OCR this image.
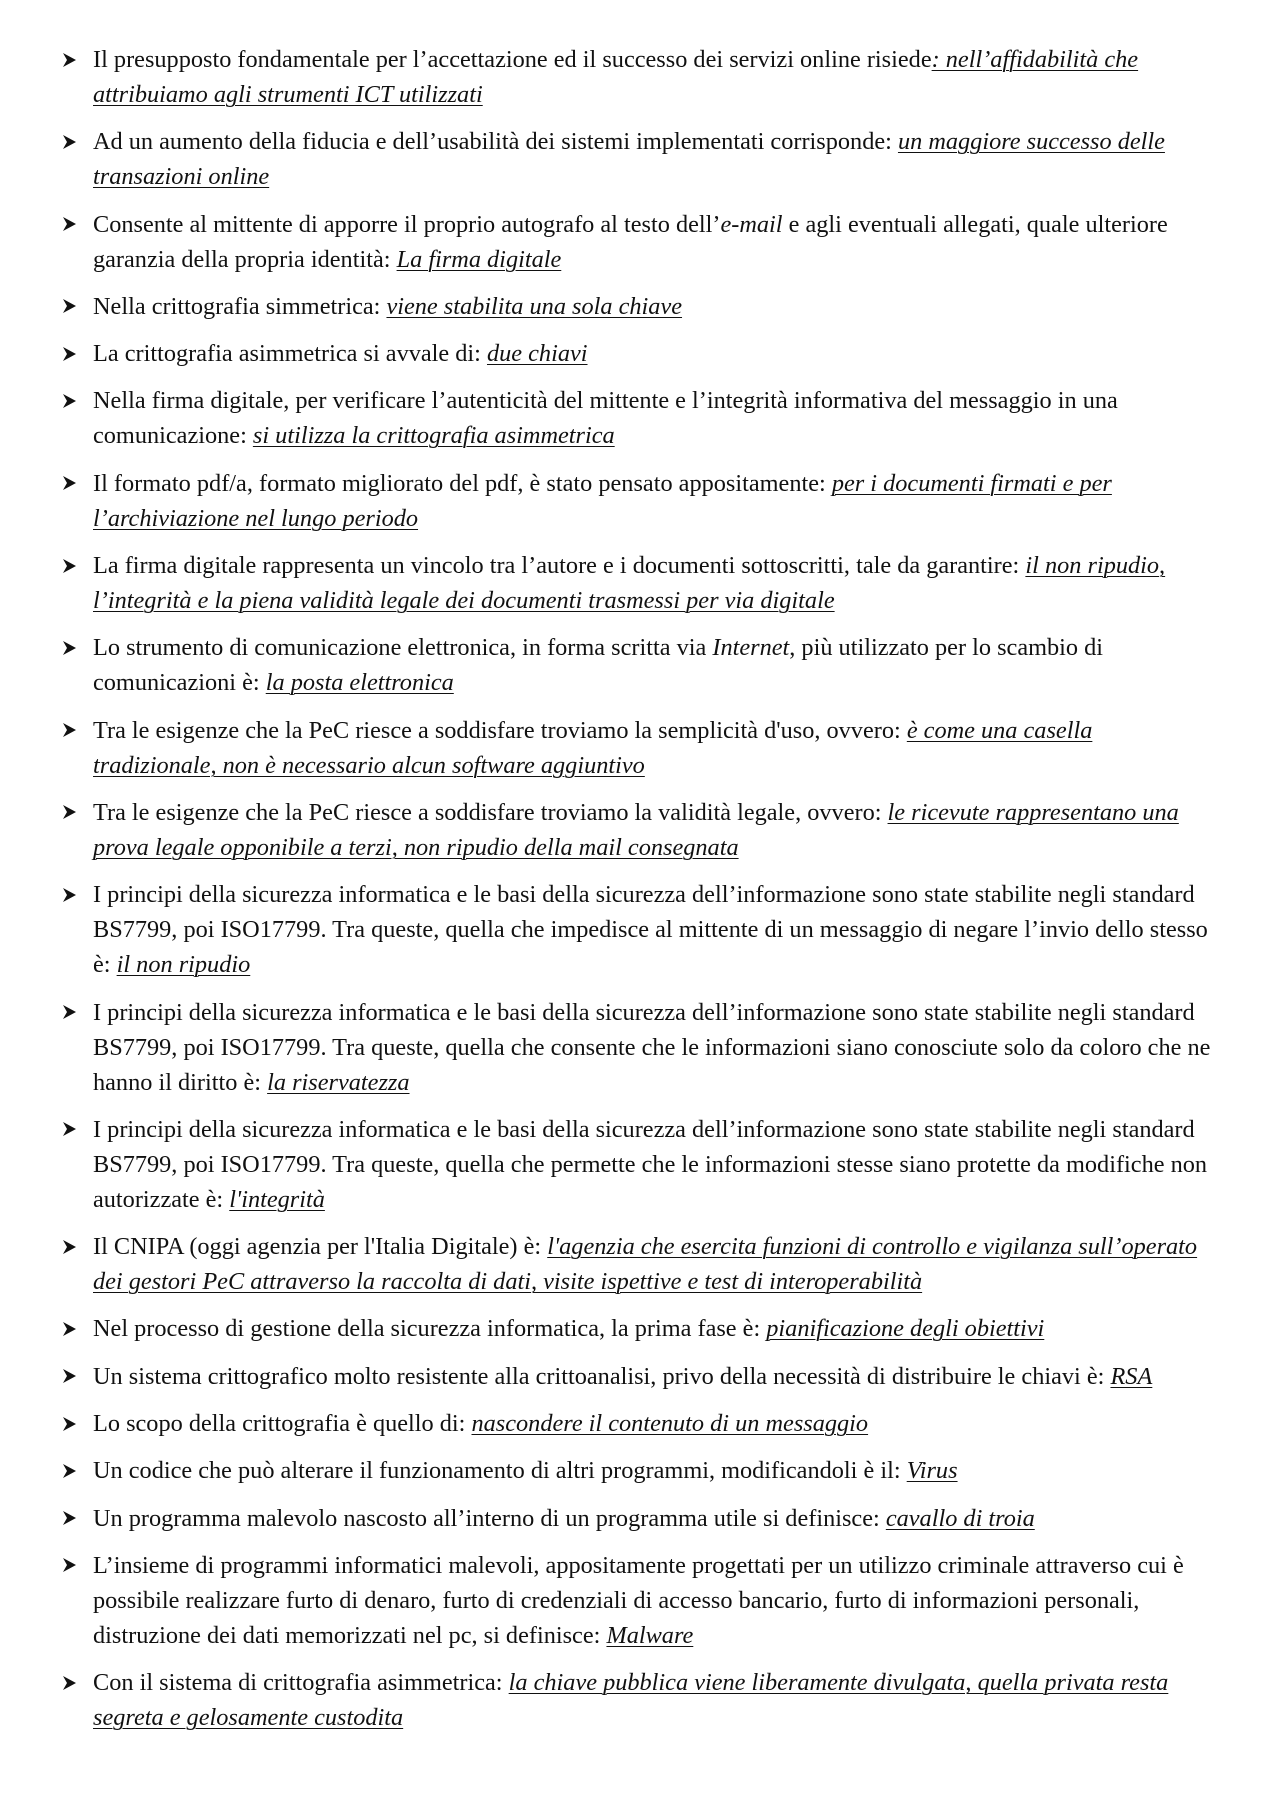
Il presupposto fondamentale per l’accettazione ed il successo dei servizi online risiede: nell’affidabilità che attribuiamo agli strumenti ICT utilizzati
Ad un aumento della fiducia e dell’usabilità dei sistemi implementati corrisponde: un maggiore successo delle transazioni online
Consente al mittente di apporre il proprio autografo al testo dell’e-mail e agli eventuali allegati, quale ulteriore garanzia della propria identità: La firma digitale
Nella crittografia simmetrica: viene stabilita una sola chiave
La crittografia asimmetrica si avvale di: due chiavi
Nella firma digitale, per verificare l’autenticità del mittente e l’integrità informativa del messaggio in una comunicazione: si utilizza la crittografia asimmetrica
Il formato pdf/a, formato migliorato del pdf, è stato pensato appositamente: per i documenti firmati e per l’archiviazione nel lungo periodo
La firma digitale rappresenta un vincolo tra l’autore e i documenti sottoscritti, tale da garantire: il non ripudio, l’integrità e la piena validità legale dei documenti trasmessi per via digitale
Lo strumento di comunicazione elettronica, in forma scritta via Internet, più utilizzato per lo scambio di comunicazioni è: la posta elettronica
Tra le esigenze che la PeC riesce a soddisfare troviamo la semplicità d'uso, ovvero: è come una casella tradizionale, non è necessario alcun software aggiuntivo
Tra le esigenze che la PeC riesce a soddisfare troviamo la validità legale, ovvero: le ricevute rappresentano una prova legale opponibile a terzi, non ripudio della mail consegnata
I principi della sicurezza informatica e le basi della sicurezza dell’informazione sono state stabilite negli standard BS7799, poi ISO17799. Tra queste, quella che impedisce al mittente di un messaggio di negare l’invio dello stesso è: il non ripudio
I principi della sicurezza informatica e le basi della sicurezza dell’informazione sono state stabilite negli standard BS7799, poi ISO17799. Tra queste, quella che consente che le informazioni siano conosciute solo da coloro che ne hanno il diritto è: la riservatezza
I principi della sicurezza informatica e le basi della sicurezza dell’informazione sono state stabilite negli standard BS7799, poi ISO17799. Tra queste, quella che permette che le informazioni stesse siano protette da modifiche non autorizzate è: l'integrità
Il CNIPA (oggi agenzia per l'Italia Digitale) è: l'agenzia che esercita funzioni di controllo e vigilanza sull’operato dei gestori PeC attraverso la raccolta di dati, visite ispettive e test di interoperabilità
Nel processo di gestione della sicurezza informatica, la prima fase è: pianificazione degli obiettivi
Un sistema crittografico molto resistente alla crittoanalisi, privo della necessità di distribuire le chiavi è: RSA
Lo scopo della crittografia è quello di: nascondere il contenuto di un messaggio
Un codice che può alterare il funzionamento di altri programmi, modificandoli è il: Virus
Un programma malevolo nascosto all’interno di un programma utile si definisce: cavallo di troia
L’insieme di programmi informatici malevoli, appositamente progettati per un utilizzo criminale attraverso cui è possibile realizzare furto di denaro, furto di credenziali di accesso bancario, furto di informazioni personali, distruzione dei dati memorizzati nel pc, si definisce: Malware
Con il sistema di crittografia asimmetrica: la chiave pubblica viene liberamente divulgata, quella privata resta segreta e gelosamente custodita
